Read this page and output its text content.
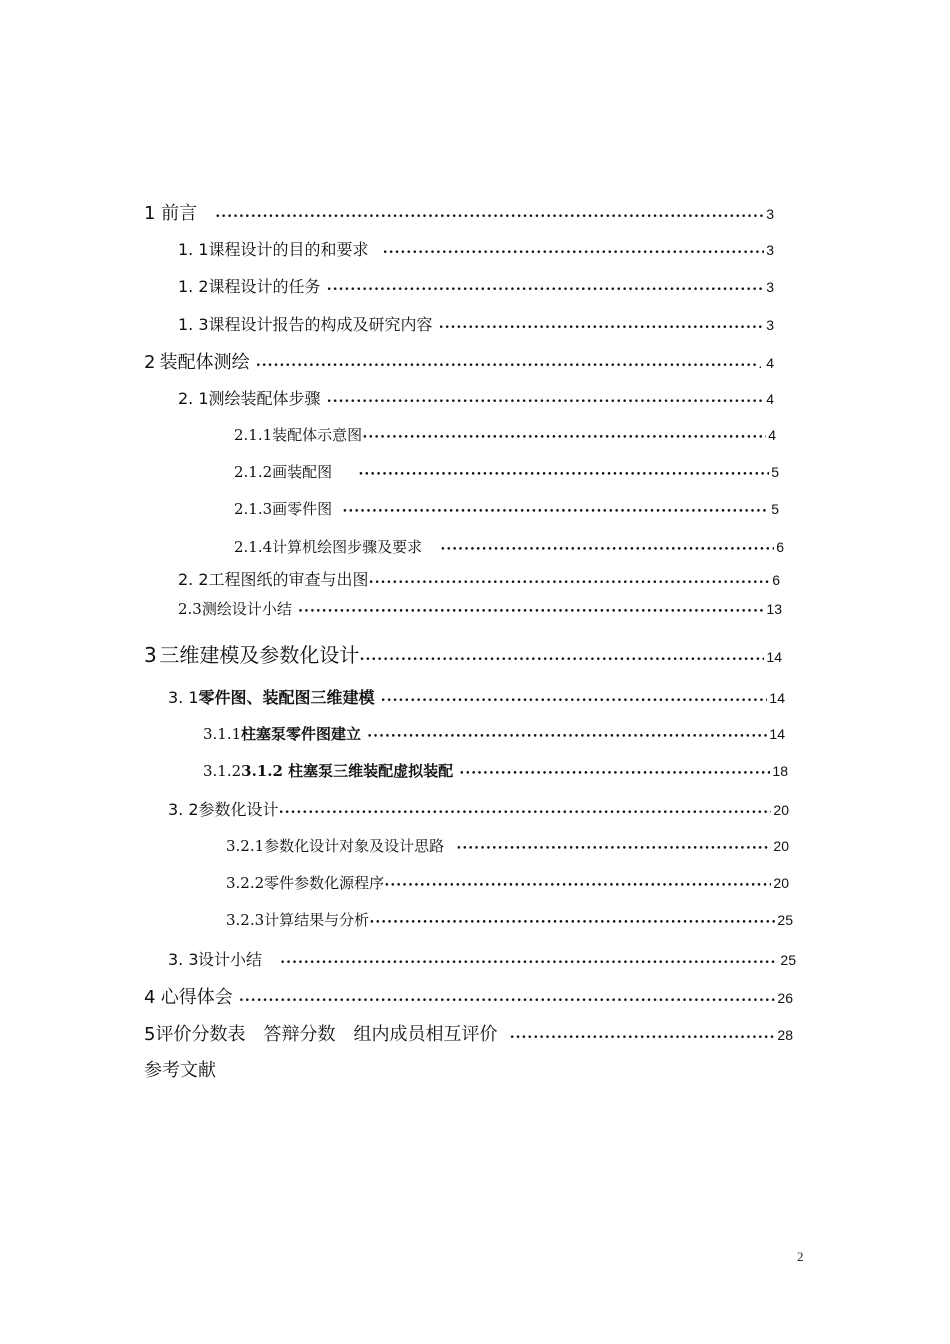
1 前言 •••••	3
1. 1 课程设计的目的和要求 •••••	3
1. 2 课程设计的任务 •••••	3
1. 3 课程设计报告的构成及研究内容 •••••	3
2 装配体测绘 •••••	. 4
2. 1 测绘装配体步骤 •••••	4
2.1.1 装配体示意图 •••••	4
2.1.2 画装配图 •••••	5
2.1.3 画零件图 •••••	5
2.1.4 计算机绘图步骤及要求 •••••	6
2. 2 工程图纸的审查与出图 •••••	6
2.3 测绘设计小结 •••••	13
3 三维建模及参数化设计 •••••	14
3. 1 零件图、装配图三维建模 •••••	14
3.1.1 柱塞泵零件图建立 •••••	14
3.1.2 3.1.2 柱塞泵三维装配虚拟装配 •••••	18
3. 2 参数化设计 •••••	20
3.2.1 参数化设计对象及设计思路 •••••	20
3.2.2 零件参数化源程序 •••••	20
3.2.3 计算结果与分析 •••••	25
3. 3 设计小结 •••••	25
4 心得体会 •••••	26
5 评价分数表　答辩分数　组内成员相互评价 •••••	28
参考文献
2
